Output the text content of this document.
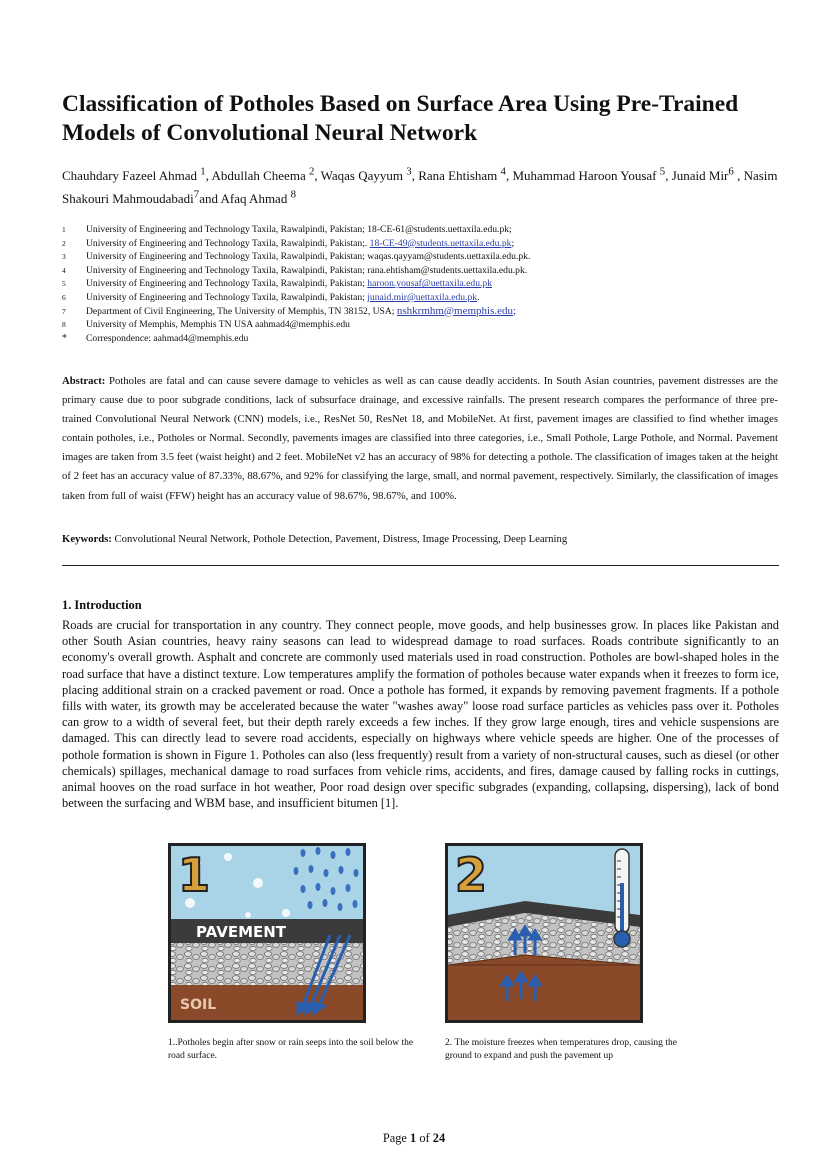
Classification of Potholes Based on Surface Area Using Pre-Trained Models of Convolutional Neural Network

Chauhdary Fazeel Ahmad $^1$, Abdullah Cheema $^2$, Waqas Qayyum $^3$, Rana Ehtisham $^4$, Muhammad Haroon Yousaf $^5$, Junaid Mir$^6$ , Nasim Shakouri Mahmoudabadi$^7$and Afaq Ahmad $^8$

1	University of Engineering and Technology Taxila, Rawalpindi, Pakistan; 18-CE-61@students.uettaxila.edu.pk;
2	University of Engineering and Technology Taxila, Rawalpindi, Pakistan;. 18-CE-49@students.uettaxila.edu.pk;
3	University of Engineering and Technology Taxila, Rawalpindi, Pakistan; waqas.qayyam@students.uettaxila.edu.pk.
4	University of Engineering and Technology Taxila, Rawalpindi, Pakistan; rana.ehtisham@students.uettaxila.edu.pk.
5	University of Engineering and Technology Taxila, Rawalpindi, Pakistan; haroon.yousaf@uettaxila.edu.pk
6	University of Engineering and Technology Taxila, Rawalpindi, Pakistan; junaid.mir@uettaxila.edu.pk.
7	Department of Civil Engineering, The University of Memphis, TN 38152, USA; nshkrmhm@memphis.edu;
8	University of Memphis, Memphis TN USA aahmad4@memphis.edu
*	Correspondence: aahmad4@memphis.edu

Abstract: Potholes are fatal and can cause severe damage to vehicles as well as can cause deadly accidents. In South Asian countries, pavement distresses are the primary cause due to poor subgrade conditions, lack of subsurface drainage, and excessive rainfalls. The present research compares the performance of three pre-trained Convolutional Neural Network (CNN) models, i.e., ResNet 50, ResNet 18, and MobileNet. At first, pavement images are classified to find whether images contain potholes, i.e., Potholes or Normal. Secondly, pavements images are classified into three categories, i.e., Small Pothole, Large Pothole, and Normal. Pavement images are taken from 3.5 feet (waist height) and 2 feet. MobileNet v2 has an accuracy of 98% for detecting a pothole. The classification of images taken at the height of 2 feet has an accuracy value of 87.33%, 88.67%, and 92% for classifying the large, small, and normal pavement, respectively. Similarly, the classification of images taken from full of waist (FFW) height has an accuracy value of 98.67%, 98.67%, and 100%.

Keywords: Convolutional Neural Network, Pothole Detection, Pavement, Distress, Image Processing, Deep Learning

1. Introduction

Roads are crucial for transportation in any country. They connect people, move goods, and help businesses grow. In places like Pakistan and other South Asian countries, heavy rainy seasons can lead to widespread damage to road surfaces. Roads contribute significantly to an economy's overall growth. Asphalt and concrete are commonly used materials used in road construction. Potholes are bowl-shaped holes in the road surface that have a distinct texture. Low temperatures amplify the formation of potholes because water expands when it freezes to form ice, placing additional strain on a cracked pavement or road. Once a pothole has formed, it expands by removing pavement fragments. If a pothole fills with water, its growth may be accelerated because the water "washes away" loose road surface particles as vehicles pass over it. Potholes can grow to a width of several feet, but their depth rarely exceeds a few inches. If they grow large enough, tires and vehicle suspensions are damaged. This can directly lead to severe road accidents, especially on highways where vehicle speeds are higher. One of the processes of pothole formation is shown in Figure 1. Potholes can also (less frequently) result from a variety of non-structural causes, such as diesel (or other chemicals) spillages, mechanical damage to road surfaces from vehicle rims, accidents, and fires, damage caused by falling rocks in cuttings, animal hooves on the road surface in hot weather, Poor road design over specific subgrades (expanding, collapsing, dispersing), lack of bond between the surfacing and WBM base, and insufficient bitumen [1].

1
PAVEMENT
SOIL

1..Potholes begin after snow or rain seeps into the soil below the road surface.

2

2. The moisture freezes when temperatures drop, causing the ground to expand and push the pavement up

Page 1 of 24
